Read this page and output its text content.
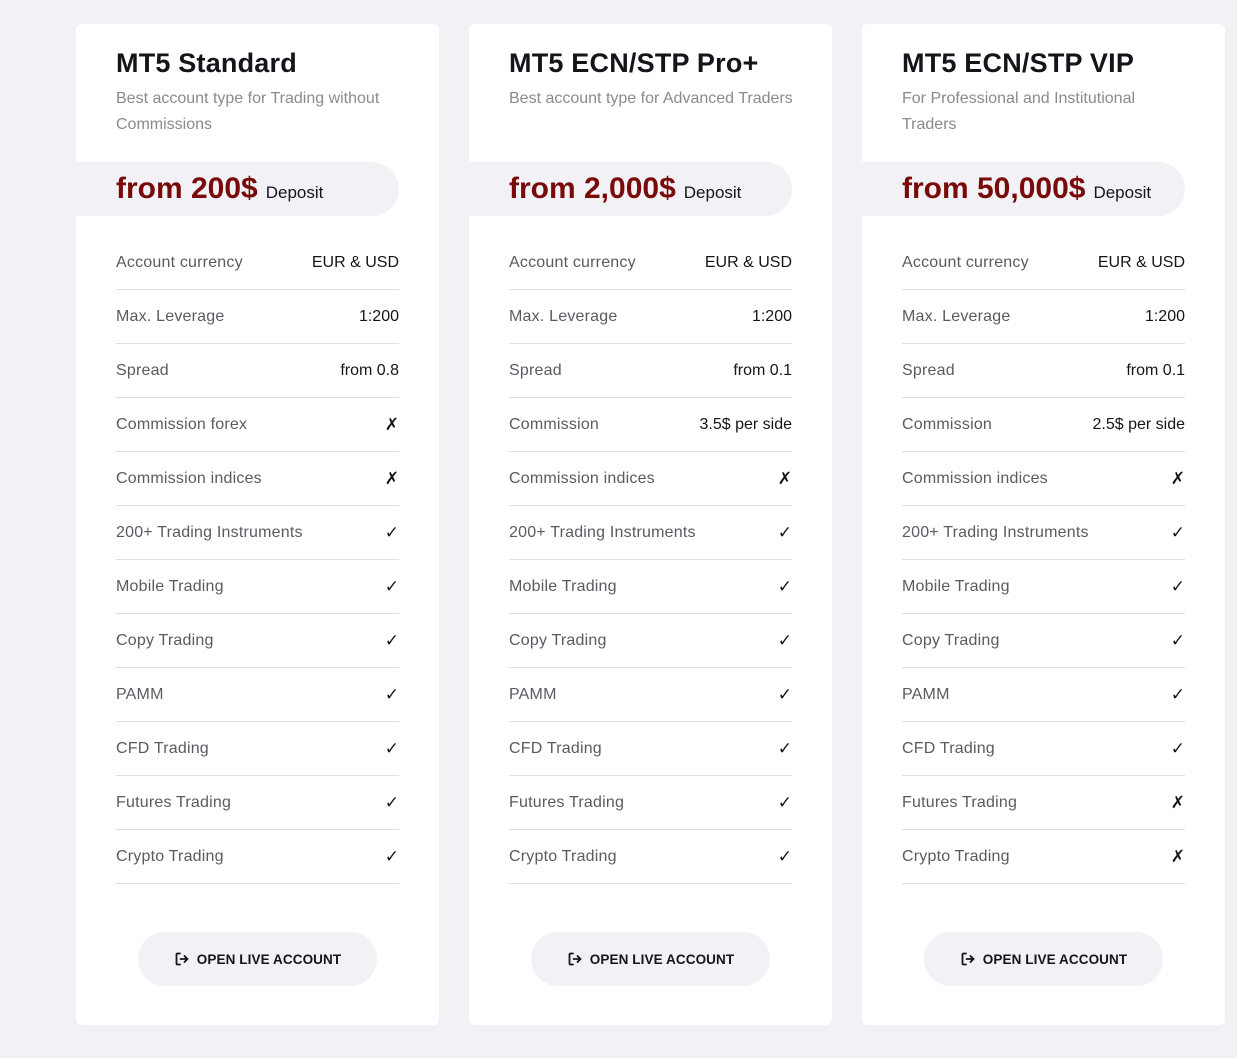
MT5 Standard
Best account type for Trading without Commissions
from 200$ Deposit
Account currency	EUR & USD
Max. Leverage	1:200
Spread	from 0.8
Commission forex	✗
Commission indices	✗
200+ Trading Instruments	✓
Mobile Trading	✓
Copy Trading	✓
PAMM	✓
CFD Trading	✓
Futures Trading	✓
Crypto Trading	✓
OPEN LIVE ACCOUNT
MT5 ECN/STP Pro+
Best account type for Advanced Traders
from 2,000$ Deposit
Account currency	EUR & USD
Max. Leverage	1:200
Spread	from 0.1
Commission	3.5$ per side
Commission indices	✗
200+ Trading Instruments	✓
Mobile Trading	✓
Copy Trading	✓
PAMM	✓
CFD Trading	✓
Futures Trading	✓
Crypto Trading	✓
OPEN LIVE ACCOUNT
MT5 ECN/STP VIP
For Professional and Institutional Traders
from 50,000$ Deposit
Account currency	EUR & USD
Max. Leverage	1:200
Spread	from 0.1
Commission	2.5$ per side
Commission indices	✗
200+ Trading Instruments	✓
Mobile Trading	✓
Copy Trading	✓
PAMM	✓
CFD Trading	✓
Futures Trading	✗
Crypto Trading	✗
OPEN LIVE ACCOUNT
